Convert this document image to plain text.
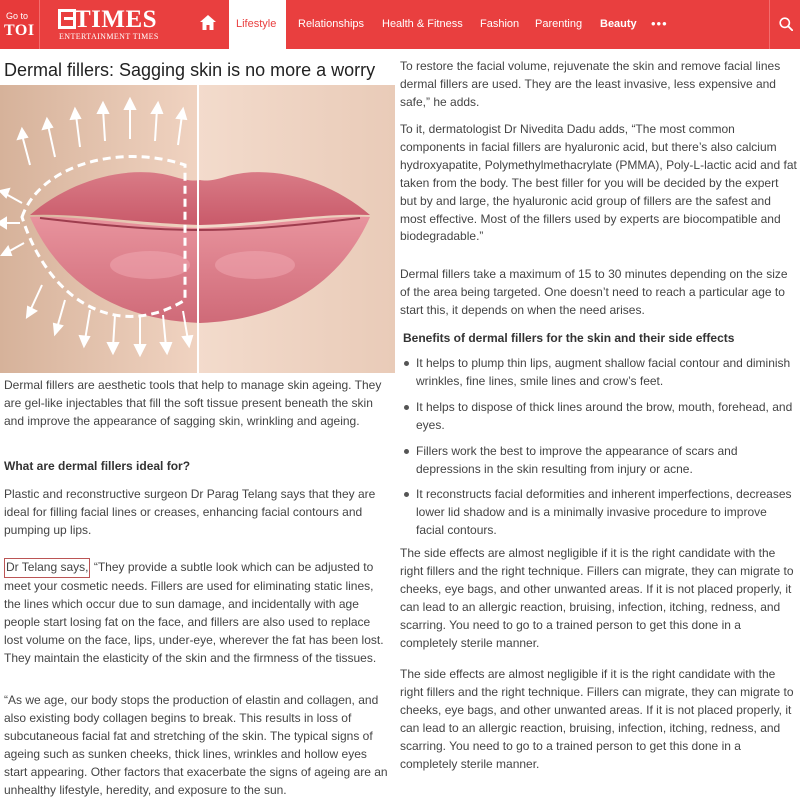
Go to
TOI TIMES
ENTERTAINMENT TIMES
Lifestyle Relationships Health & Fitness Fashion Parenting Beauty •••
Dermal fillers: Sagging skin is no more a worry

Dermal fillers are aesthetic tools that help to manage skin ageing. They are gel-like injectables that fill the soft tissue present beneath the skin and improve the appearance of sagging skin, wrinkling and ageing.

What are dermal fillers ideal for?

Plastic and reconstructive surgeon Dr Parag Telang says that they are ideal for filling facial lines or creases, enhancing facial contours and pumping up lips.

Dr Telang says, “They provide a subtle look which can be adjusted to meet your cosmetic needs. Fillers are used for eliminating static lines, the lines which occur due to sun damage, and incidentally with age people start losing fat on the face, and fillers are also used to replace lost volume on the face, lips, under-eye, wherever the fat has been lost. They maintain the elasticity of the skin and the firmness of the tissues.

“As we age, our body stops the production of elastin and collagen, and also existing body collagen begins to break. This results in loss of subcutaneous facial fat and stretching of the skin. The typical signs of ageing such as sunken cheeks, thick lines, wrinkles and hollow eyes start appearing. Other factors that exacerbate the signs of ageing are an unhealthy lifestyle, heredity, and exposure to the sun.

To restore the facial volume, rejuvenate the skin and remove facial lines dermal fillers are used. They are the least invasive, less expensive and safe,” he adds.

To it, dermatologist Dr Nivedita Dadu adds, “The most common components in facial fillers are hyaluronic acid, but there’s also calcium hydroxyapatite, Polymethylmethacrylate (PMMA), Poly-L-lactic acid and fat taken from the body. The best filler for you will be decided by the expert but by and large, the hyaluronic acid group of fillers are the safest and most effective. Most of the fillers used by experts are biocompatible and biodegradable.”

Dermal fillers take a maximum of 15 to 30 minutes depending on the size of the area being targeted. One doesn’t need to reach a particular age to start this, it depends on when the need arises.

Benefits of dermal fillers for the skin and their side effects

It helps to plump thin lips, augment shallow facial contour and diminish wrinkles, fine lines, smile lines and crow’s feet.
It helps to dispose of thick lines around the brow, mouth, forehead, and eyes.
Fillers work the best to improve the appearance of scars and depressions in the skin resulting from injury or acne.
It reconstructs facial deformities and inherent imperfections, decreases lower lid shadow and is a minimally invasive procedure to improve facial contours.

The side effects are almost negligible if it is the right candidate with the right fillers and the right technique. Fillers can migrate, they can migrate to cheeks, eye bags, and other unwanted areas. If it is not placed properly, it can lead to an allergic reaction, bruising, infection, itching, redness, and scarring. You need to go to a trained person to get this done in a completely sterile manner.

The side effects are almost negligible if it is the right candidate with the right fillers and the right technique. Fillers can migrate, they can migrate to cheeks, eye bags, and other unwanted areas. If it is not placed properly, it can lead to an allergic reaction, bruising, infection, itching, redness, and scarring. You need to go to a trained person to get this done in a completely sterile manner.
